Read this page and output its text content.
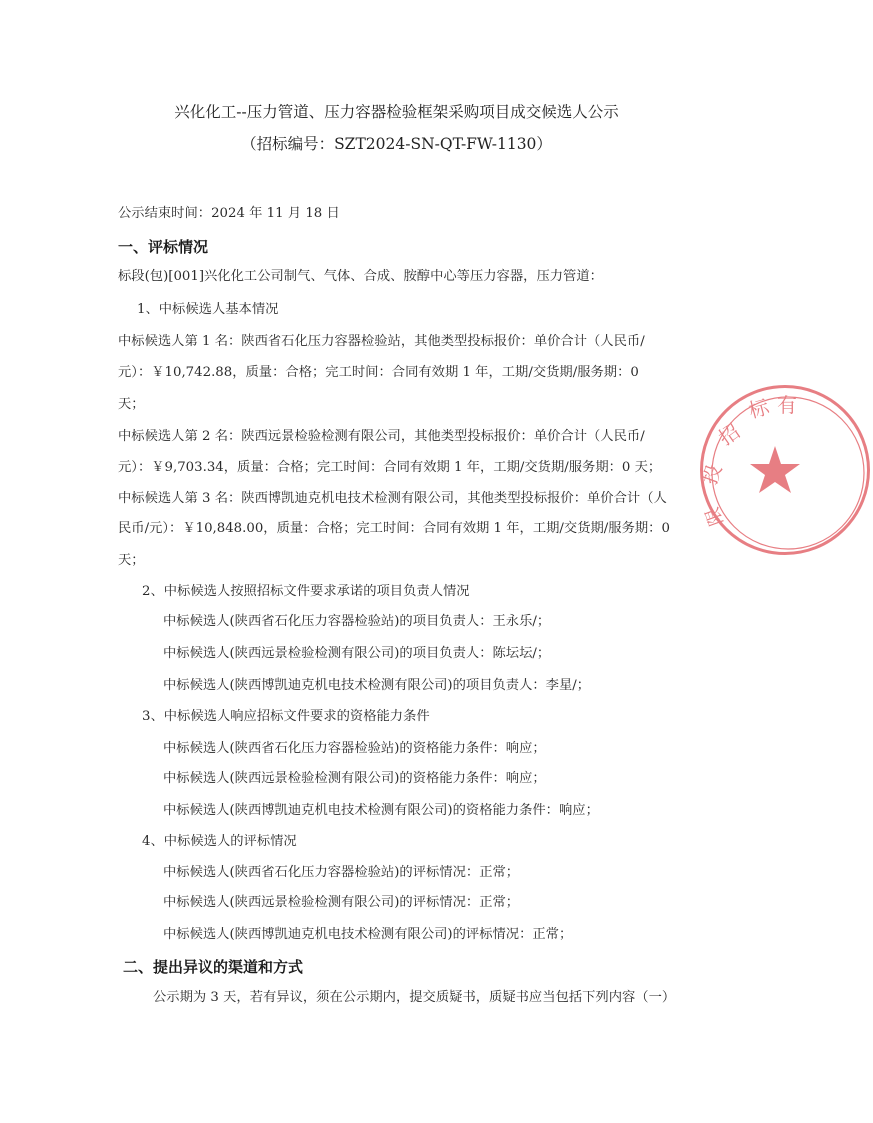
兴化化工--压力管道、压力容器检验框架采购项目成交候选人公示
（招标编号：SZT2024-SN-QT-FW-1130）
公示结束时间：2024 年 11 月 18 日
一、评标情况
标段(包)[001]兴化化工公司制气、气体、合成、胺醇中心等压力容器，压力管道：
1、中标候选人基本情况
中标候选人第 1 名：陕西省石化压力容器检验站，其他类型投标报价：单价合计（人民币/
元）：￥10,742.88，质量：合格；完工时间：合同有效期 1 年，工期/交货期/服务期：0
天；
中标候选人第 2 名：陕西远景检验检测有限公司，其他类型投标报价：单价合计（人民币/
元）：￥9,703.34，质量：合格；完工时间：合同有效期 1 年，工期/交货期/服务期：0 天；
中标候选人第 3 名：陕西博凯迪克机电技术检测有限公司，其他类型投标报价：单价合计（人
民币/元）：￥10,848.00，质量：合格；完工时间：合同有效期 1 年，工期/交货期/服务期：0
天；
2、中标候选人按照招标文件要求承诺的项目负责人情况
中标候选人(陕西省石化压力容器检验站)的项目负责人：王永乐/；
中标候选人(陕西远景检验检测有限公司)的项目负责人：陈坛坛/；
中标候选人(陕西博凯迪克机电技术检测有限公司)的项目负责人：李星/；
3、中标候选人响应招标文件要求的资格能力条件
中标候选人(陕西省石化压力容器检验站)的资格能力条件：响应；
中标候选人(陕西远景检验检测有限公司)的资格能力条件：响应；
中标候选人(陕西博凯迪克机电技术检测有限公司)的资格能力条件：响应；
4、中标候选人的评标情况
中标候选人(陕西省石化压力容器检验站)的评标情况：正常；
中标候选人(陕西远景检验检测有限公司)的评标情况：正常；
中标候选人(陕西博凯迪克机电技术检测有限公司)的评标情况：正常；
二、提出异议的渠道和方式
公示期为 3 天，若有异议，须在公示期内，提交质疑书，质疑书应当包括下列内容（一）
招
标 有
投
限
